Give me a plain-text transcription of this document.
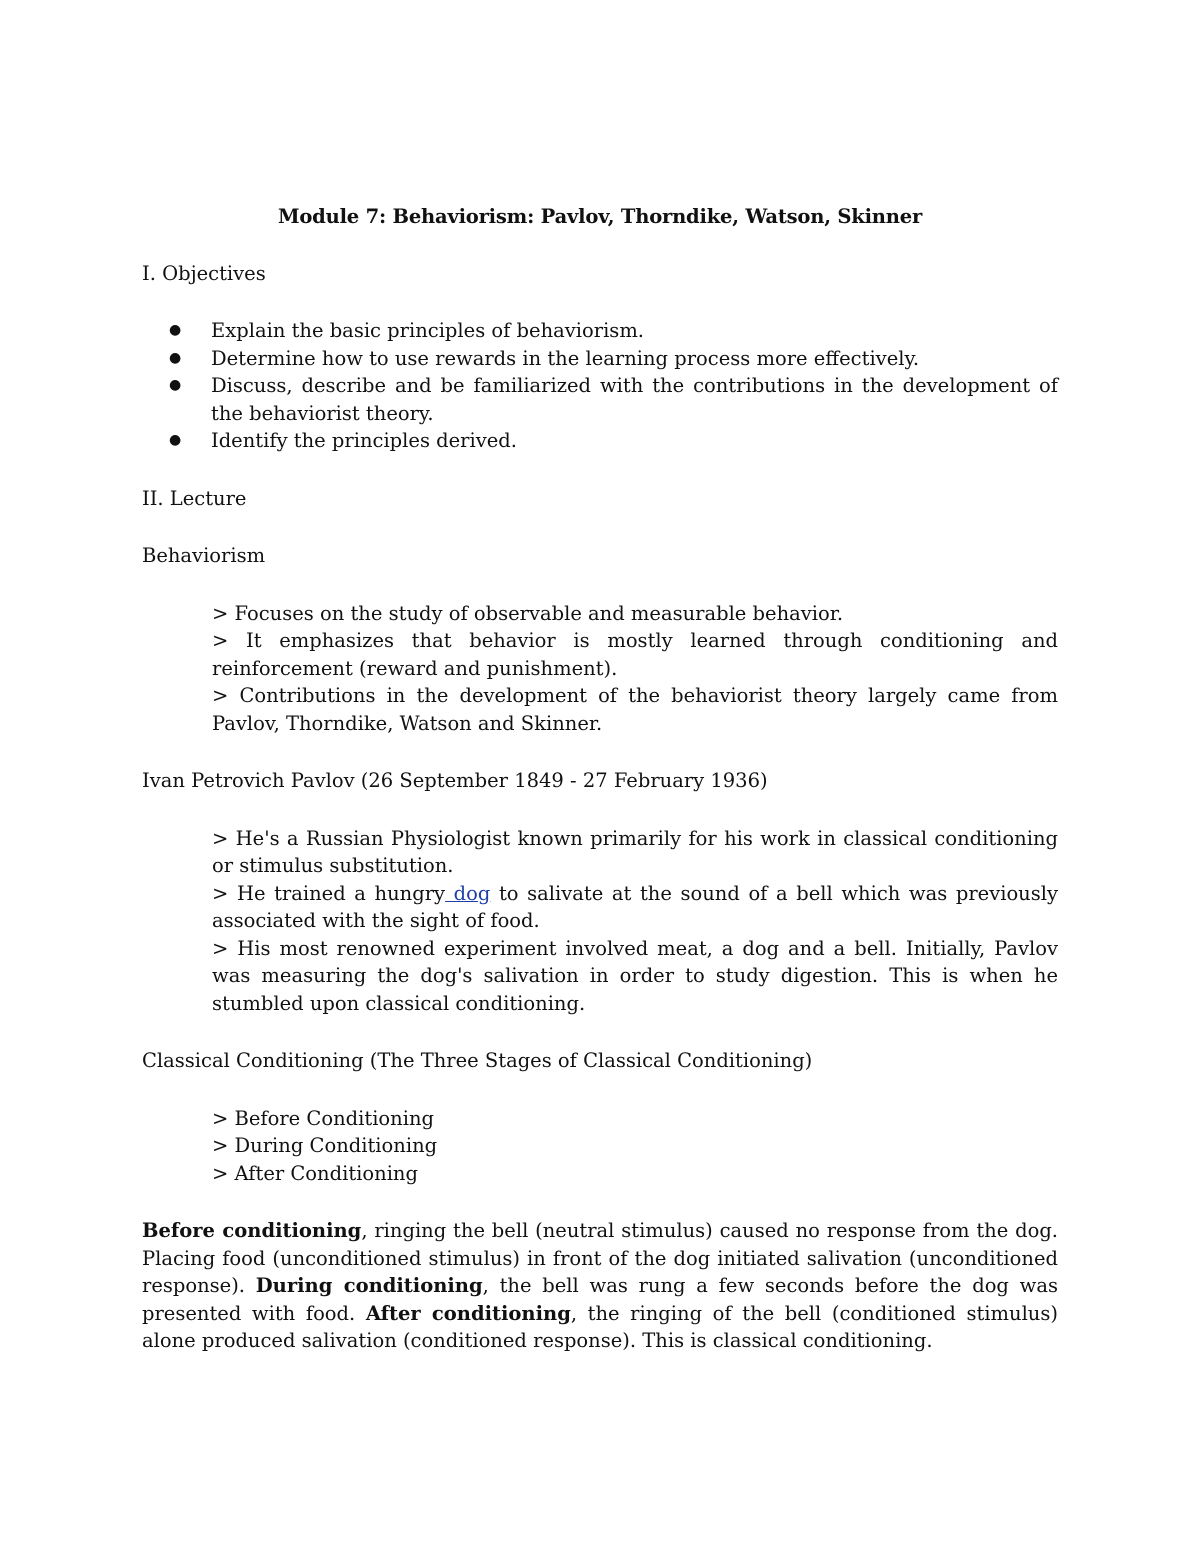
Module 7: Behaviorism: Pavlov, Thorndike, Watson, Skinner

I. Objectives

● Explain the basic principles of behaviorism.
● Determine how to use rewards in the learning process more effectively.
● Discuss, describe and be familiarized with the contributions in the development of the behaviorist theory.
● Identify the principles derived.

II. Lecture

Behaviorism

> Focuses on the study of observable and measurable behavior.

> It emphasizes that behavior is mostly learned through conditioning and reinforcement (reward and punishment).

> Contributions in the development of the behaviorist theory largely came from Pavlov, Thorndike, Watson and Skinner.

Ivan Petrovich Pavlov (26 September 1849 - 27 February 1936)

> He's a Russian Physiologist known primarily for his work in classical conditioning or stimulus substitution.

> He trained a hungry dog to salivate at the sound of a bell which was previously associated with the sight of food.

> His most renowned experiment involved meat, a dog and a bell. Initially, Pavlov was measuring the dog's salivation in order to study digestion. This is when he stumbled upon classical conditioning.

Classical Conditioning (The Three Stages of Classical Conditioning)

> Before Conditioning

> During Conditioning

> After Conditioning

Before conditioning, ringing the bell (neutral stimulus) caused no response from the dog. Placing food (unconditioned stimulus) in front of the dog initiated salivation (unconditioned response). During conditioning, the bell was rung a few seconds before the dog was presented with food. After conditioning, the ringing of the bell (conditioned stimulus) alone produced salivation (conditioned response). This is classical conditioning.
